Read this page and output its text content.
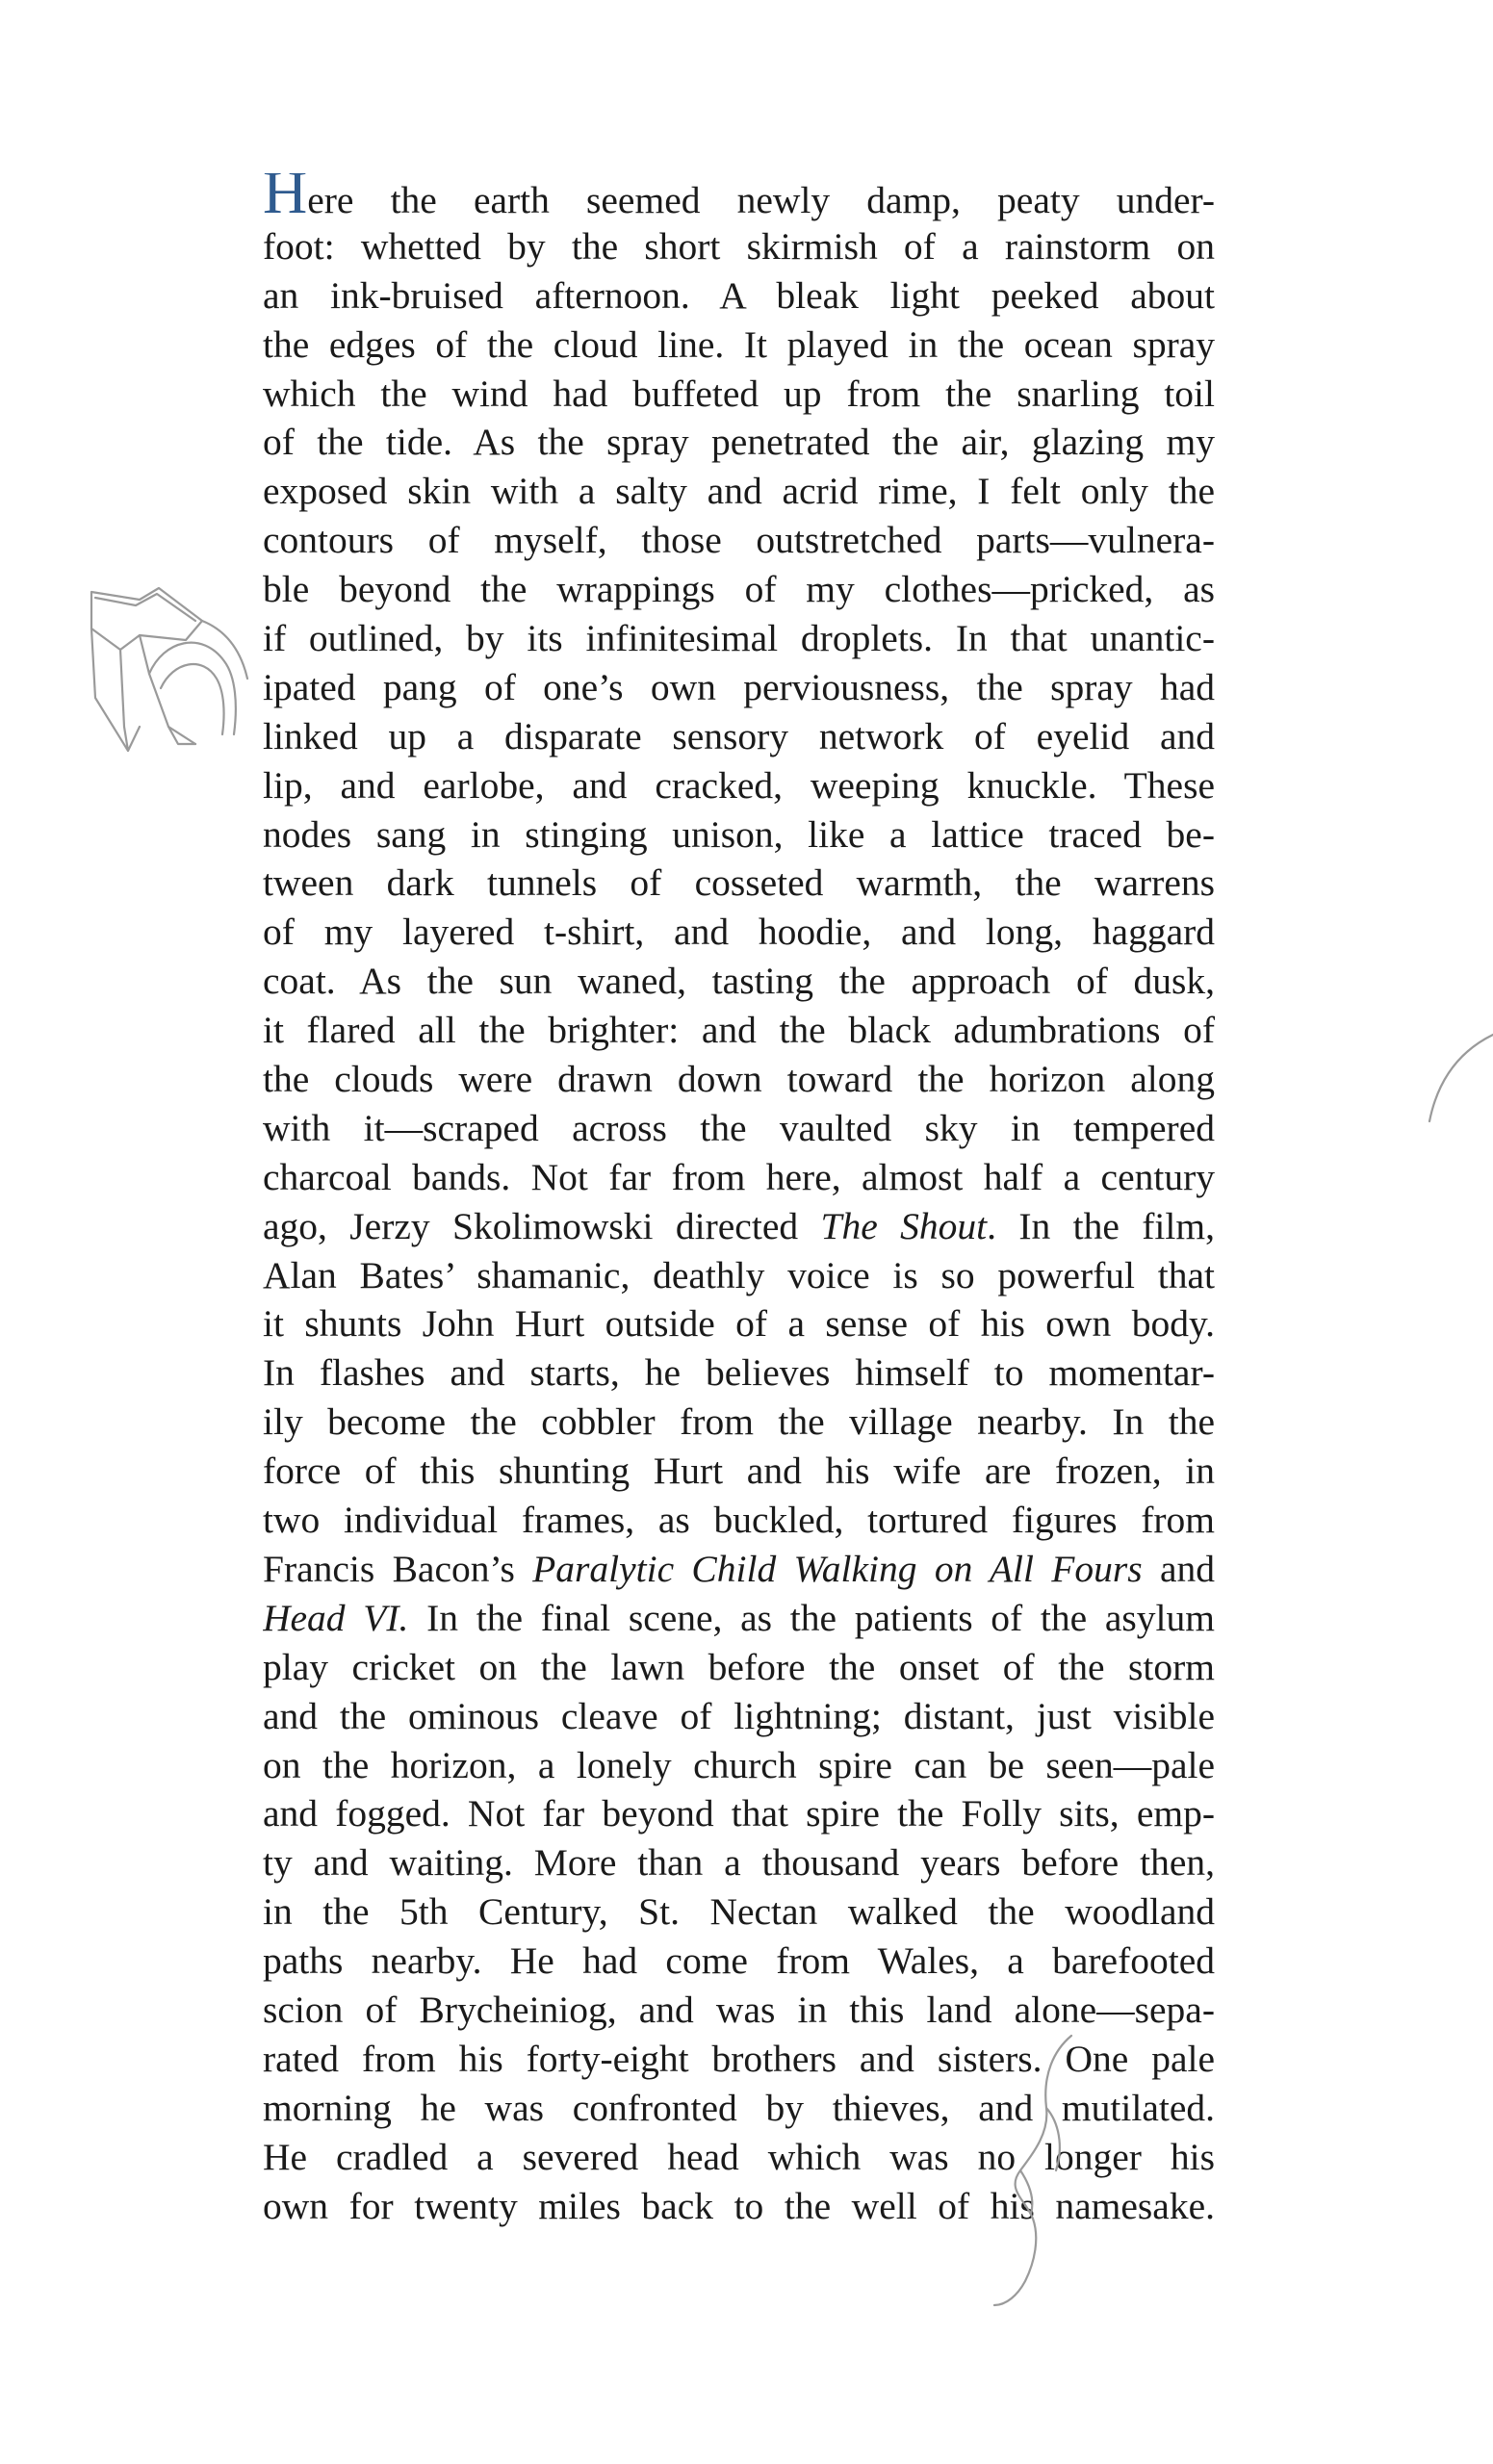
Here the earth seemed newly damp, peaty under-
foot: whetted by the short skirmish of a rainstorm on
an ink-bruised afternoon. A bleak light peeked about
the edges of the cloud line. It played in the ocean spray
which the wind had buffeted up from the snarling toil
of the tide. As the spray penetrated the air, glazing my
exposed skin with a salty and acrid rime, I felt only the
contours of myself, those outstretched parts—vulnera-
ble beyond the wrappings of my clothes—pricked, as
if outlined, by its infinitesimal droplets. In that unantic-
ipated pang of one’s own perviousness, the spray had
linked up a disparate sensory network of eyelid and
lip, and earlobe, and cracked, weeping knuckle. These
nodes sang in stinging unison, like a lattice traced be-
tween dark tunnels of cosseted warmth, the warrens
of my layered t-shirt, and hoodie, and long, haggard
coat. As the sun waned, tasting the approach of dusk,
it flared all the brighter: and the black adumbrations of
the clouds were drawn down toward the horizon along
with it—scraped across the vaulted sky in tempered
charcoal bands. Not far from here, almost half a century
ago, Jerzy Skolimowski directed The Shout. In the film,
Alan Bates’ shamanic, deathly voice is so powerful that
it shunts John Hurt outside of a sense of his own body.
In flashes and starts, he believes himself to momentar-
ily become the cobbler from the village nearby. In the
force of this shunting Hurt and his wife are frozen, in
two individual frames, as buckled, tortured figures from
Francis Bacon’s Paralytic Child Walking on All Fours and
Head VI. In the final scene, as the patients of the asylum
play cricket on the lawn before the onset of the storm
and the ominous cleave of lightning; distant, just visible
on the horizon, a lonely church spire can be seen—pale
and fogged. Not far beyond that spire the Folly sits, emp-
ty and waiting. More than a thousand years before then,
in the 5th Century, St. Nectan walked the woodland
paths nearby. He had come from Wales, a barefooted
scion of Brycheiniog, and was in this land alone—sepa-
rated from his forty-eight brothers and sisters. One pale
morning he was confronted by thieves, and mutilated.
He cradled a severed head which was no longer his
own for twenty miles back to the well of his namesake.
